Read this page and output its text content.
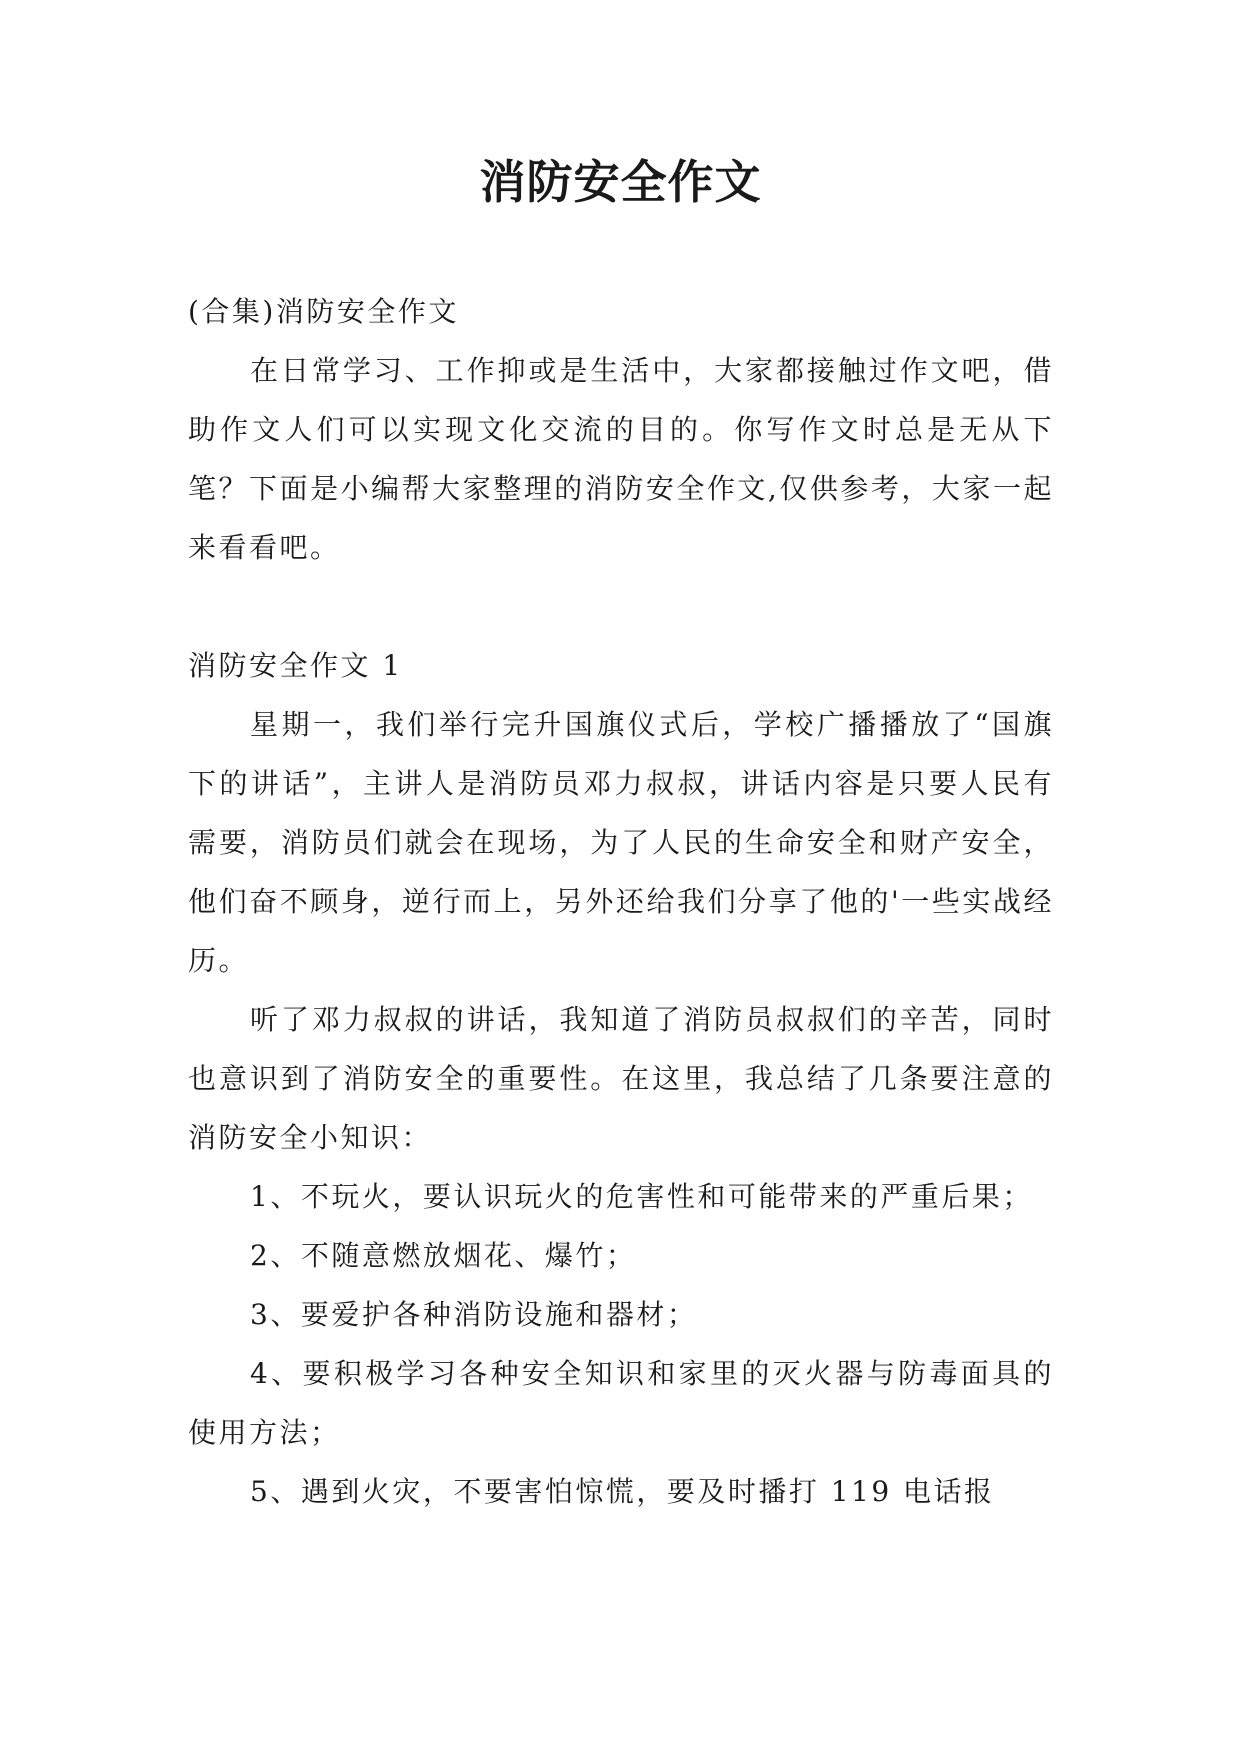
消防安全作文

(合集)消防安全作文

在日常学习、工作抑或是生活中，大家都接触过作文吧，借助作文人们可以实现文化交流的目的。你写作文时总是无从下笔？下面是小编帮大家整理的消防安全作文,仅供参考，大家一起来看看吧。

消防安全作文 1

星期一，我们举行完升国旗仪式后，学校广播播放了“国旗下的讲话”，主讲人是消防员邓力叔叔，讲话内容是只要人民有需要，消防员们就会在现场，为了人民的生命安全和财产安全，他们奋不顾身，逆行而上，另外还给我们分享了他的'一些实战经历。

听了邓力叔叔的讲话，我知道了消防员叔叔们的辛苦，同时也意识到了消防安全的重要性。在这里，我总结了几条要注意的消防安全小知识：

1、不玩火，要认识玩火的危害性和可能带来的严重后果；

2、不随意燃放烟花、爆竹；

3、要爱护各种消防设施和器材；

4、要积极学习各种安全知识和家里的灭火器与防毒面具的使用方法；

5、遇到火灾，不要害怕惊慌，要及时播打 119 电话报
